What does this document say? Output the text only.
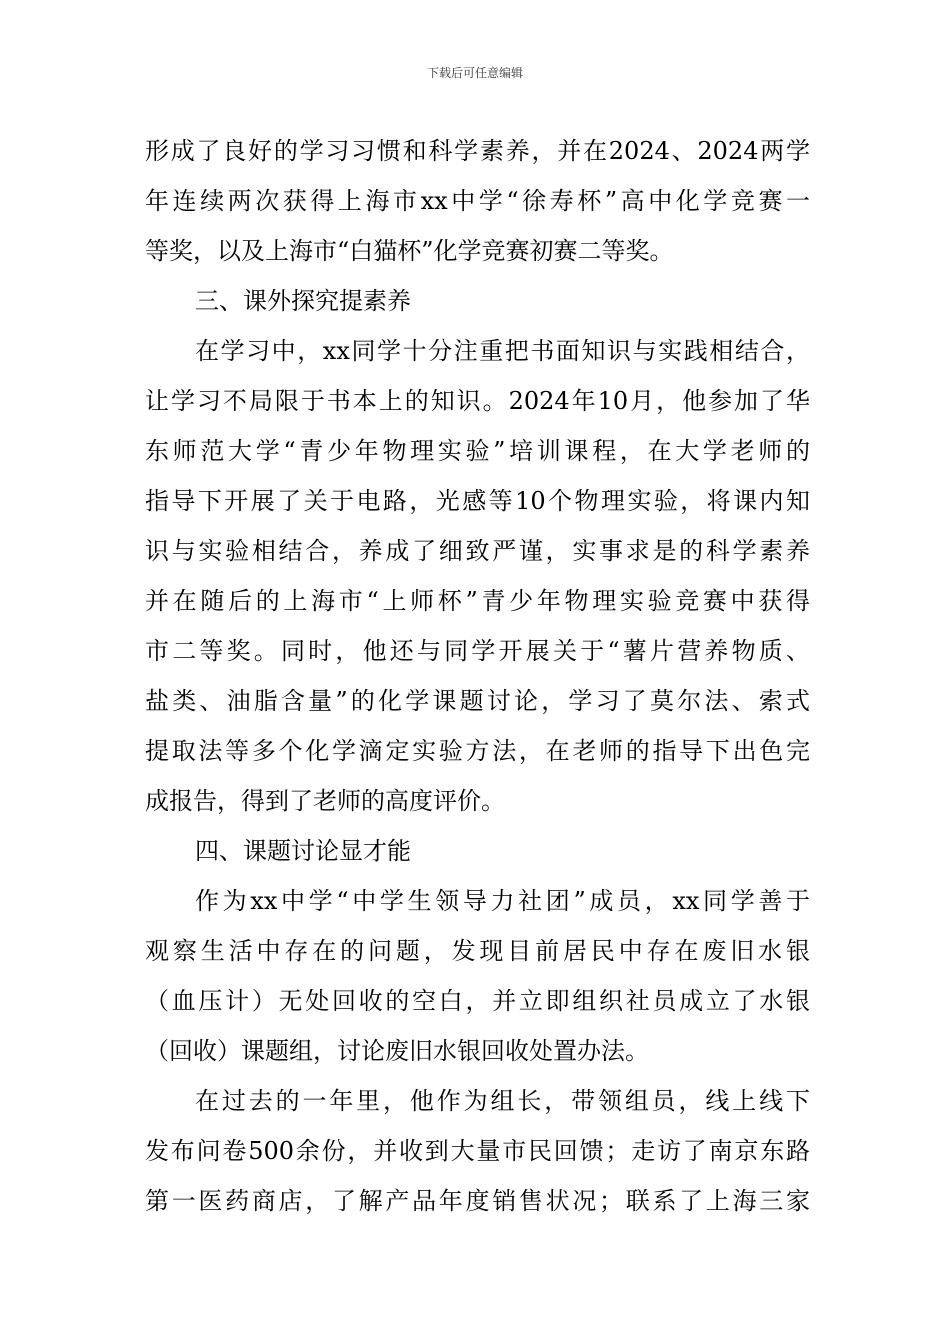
下载后可任意编辑
形成了良好的学习习惯和科学素养，并在2024、2024两学
年连续两次获得上海市xx中学“徐寿杯”高中化学竞赛一
等奖，以及上海市“白猫杯”化学竞赛初赛二等奖。
三、课外探究提素养
在学习中，xx同学十分注重把书面知识与实践相结合，
让学习不局限于书本上的知识。2024年10月，他参加了华
东师范大学“青少年物理实验”培训课程，在大学老师的
指导下开展了关于电路，光感等10个物理实验，将课内知
识与实验相结合，养成了细致严谨，实事求是的科学素养
并在随后的上海市“上师杯”青少年物理实验竞赛中获得
市二等奖。同时，他还与同学开展关于“薯片营养物质、
盐类、油脂含量”的化学课题讨论，学习了莫尔法、索式
提取法等多个化学滴定实验方法，在老师的指导下出色完
成报告，得到了老师的高度评价。
四、课题讨论显才能
作为xx中学“中学生领导力社团”成员，xx同学善于
观察生活中存在的问题，发现目前居民中存在废旧水银
（血压计）无处回收的空白，并立即组织社员成立了水银
（回收）课题组，讨论废旧水银回收处置办法。
在过去的一年里，他作为组长，带领组员，线上线下
发布问卷500余份，并收到大量市民回馈；走访了南京东路
第一医药商店，了解产品年度销售状况；联系了上海三家
